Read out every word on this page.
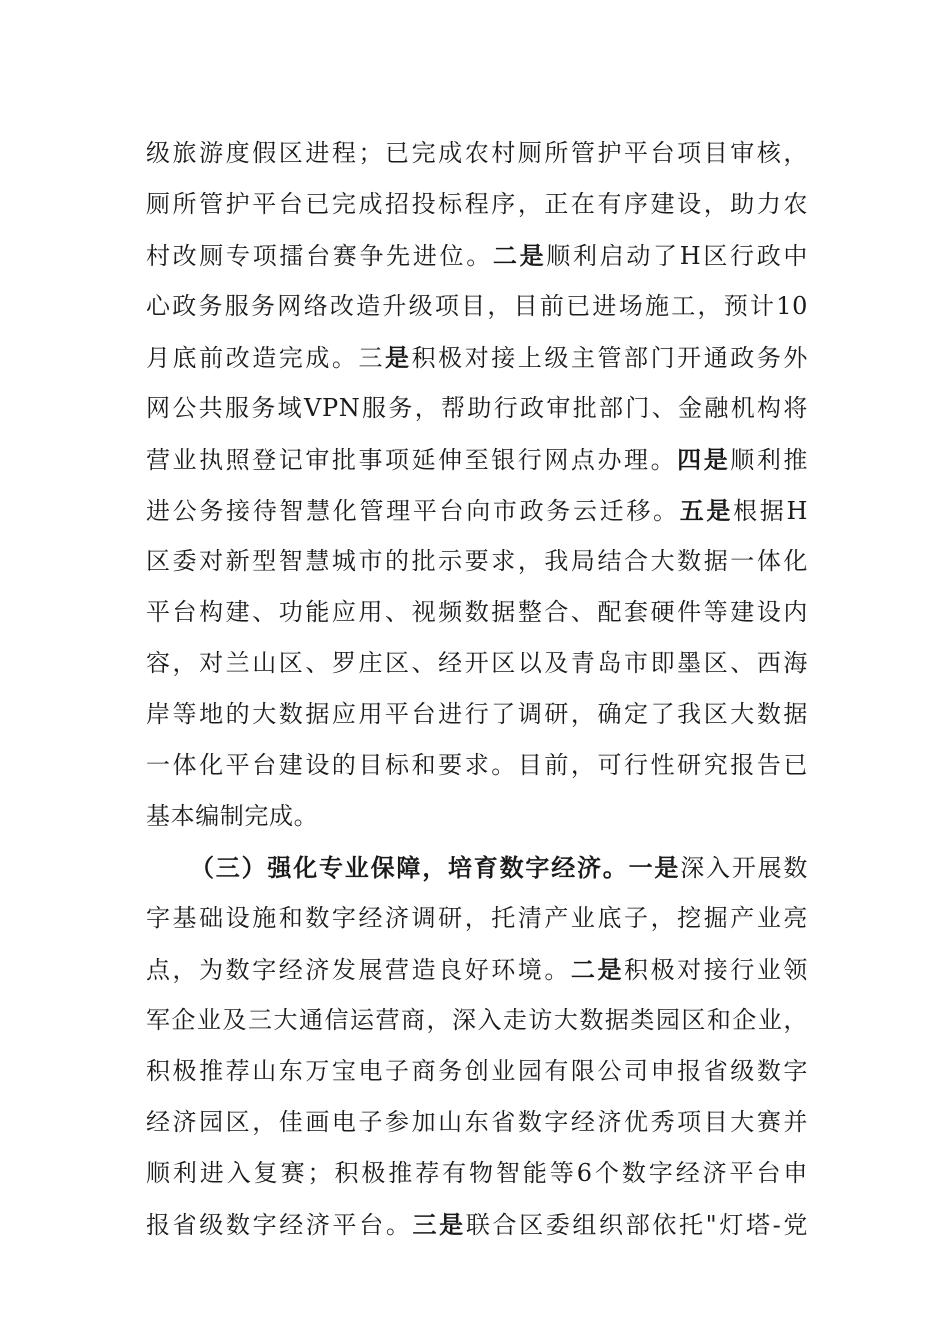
级旅游度假区进程；已完成农村厕所管护平台项目审核，
厕所管护平台已完成招投标程序，正在有序建设，助力农
村改厕专项擂台赛争先进位。二是顺利启动了H区行政中
心政务服务网络改造升级项目，目前已进场施工，预计10
月底前改造完成。三是积极对接上级主管部门开通政务外
网公共服务域VPN服务，帮助行政审批部门、金融机构将
营业执照登记审批事项延伸至银行网点办理。四是顺利推
进公务接待智慧化管理平台向市政务云迁移。五是根据H
区委对新型智慧城市的批示要求，我局结合大数据一体化
平台构建、功能应用、视频数据整合、配套硬件等建设内
容，对兰山区、罗庄区、经开区以及青岛市即墨区、西海
岸等地的大数据应用平台进行了调研，确定了我区大数据
一体化平台建设的目标和要求。目前，可行性研究报告已
基本编制完成。
（三）强化专业保障，培育数字经济。一是深入开展数
字基础设施和数字经济调研，托清产业底子，挖掘产业亮
点，为数字经济发展营造良好环境。二是积极对接行业领
军企业及三大通信运营商，深入走访大数据类园区和企业，
积极推荐山东万宝电子商务创业园有限公司申报省级数字
经济园区，佳画电子参加山东省数字经济优秀项目大赛并
顺利进入复赛；积极推荐有物智能等6个数字经济平台申
报省级数字经济平台。三是联合区委组织部依托"灯塔-党
